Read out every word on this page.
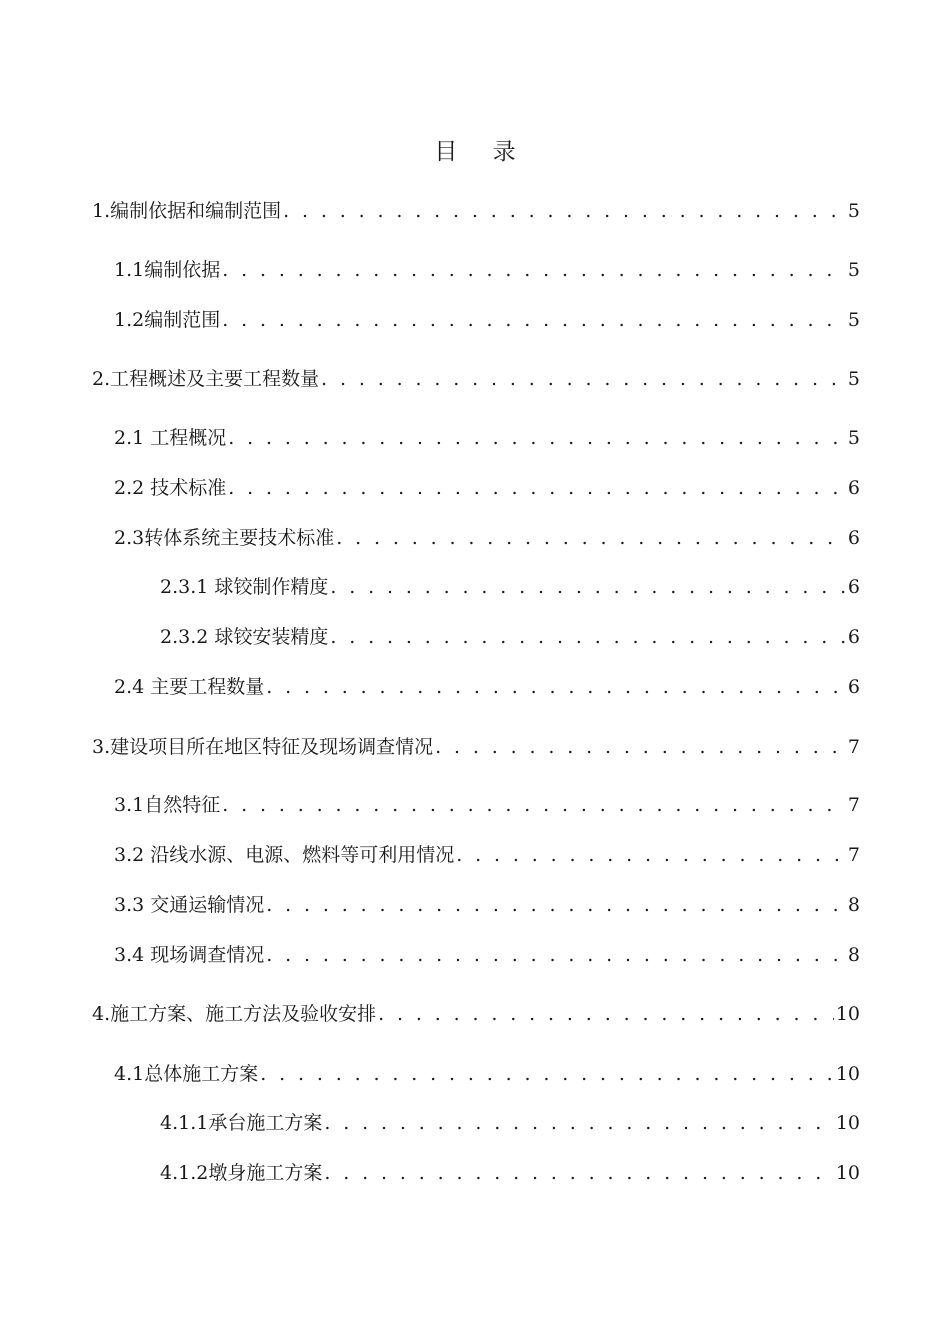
目 录
1.编制依据和编制范围 . . .	5
1.1编制依据 . . .	5
1.2编制范围 . . .	5
2.工程概述及主要工程数量 . . .	5
2.1 工程概况 . . .	5
2.2 技术标准 . . .	6
2.3转体系统主要技术标准 . . .	6
2.3.1 球铰制作精度 . . .	6
2.3.2 球铰安装精度 . . .	6
2.4 主要工程数量 . . .	6
3.建设项目所在地区特征及现场调查情况 . . .	7
3.1自然特征 . . .	7
3.2 沿线水源、电源、燃料等可利用情况 . . .	7
3.3 交通运输情况 . . .	8
3.4 现场调查情况 . . .	8
4.施工方案、施工方法及验收安排 . . .	10
4.1总体施工方案 . . .	10
4.1.1承台施工方案 . . .	10
4.1.2墩身施工方案 . . .	10
